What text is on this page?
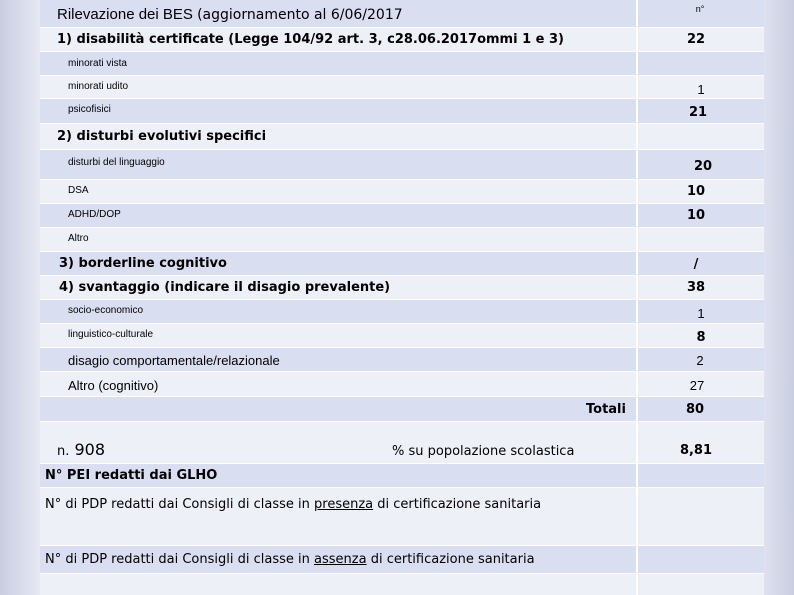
Rilevazione dei BES (aggiornamento al 6/06/2017	n°
1) disabilità certificate (Legge 104/92 art. 3, c28.06.2017ommi 1 e 3)	22
minorati vista
minorati udito	1
psicofisici	21
2) disturbi evolutivi specifici
disturbi del linguaggio	20
DSA	10
ADHD/DOP	10
Altro
3) borderline cognitivo	/
4) svantaggio (indicare il disagio prevalente)	38
socio-economico	1
linguistico-culturale	8
disagio comportamentale/relazionale	2
Altro (cognitivo)	27
Totali	80
n. 908	% su popolazione scolastica	8,81
N° PEI redatti dai GLHO
N° di PDP redatti dai Consigli di classe in presenza di certificazione sanitaria
N° di PDP redatti dai Consigli di classe in assenza di certificazione sanitaria
